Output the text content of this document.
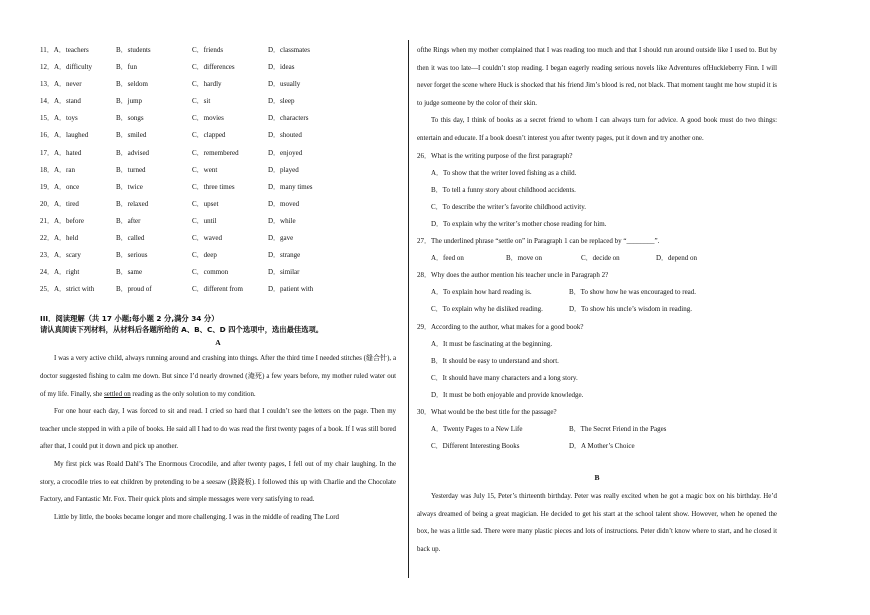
11．A．teachers	B．students	C．friends	D．classmates
12．A．difficulty	B．fun	C．differences	D．ideas
13．A．never	B．seldom	C．hardly	D．usually
14．A．stand	B．jump	C．sit	D．sleep
15．A．toys	B．songs	C．movies	D．characters
16．A．laughed	B．smiled	C．clapped	D．shouted
17．A．hated	B．advised	C．remembered	D．enjoyed
18．A．ran	B．turned	C．went	D．played
19．A．once	B．twice	C．three times	D．many times
20．A．tired	B．relaxed	C．upset	D．moved
21．A．before	B．after	C．until	D．while
22．A．held	B．called	C．waved	D．gave
23．A．scary	B．serious	C．deep	D．strange
24．A．right	B．same	C．common	D．similar
25．A．strict with	B．proud of	C．different from	D．patient with
III．阅读理解（共 17 小题;每小题 2 分,满分 34 分）
请认真阅读下列材料，从材料后各题所给的 A、B、C、D 四个选项中，选出最佳选项。
A

I was a very active child, always running around and crashing into things. After the third time I needed stitches (缝合针), a doctor suggested fishing to calm me down. But since I’d nearly drowned (淹死) a few years before, my mother ruled water out of my life. Finally, she settled on reading as the only solution to my condition.

For one hour each day, I was forced to sit and read. I cried so hard that I couldn’t see the letters on the page. Then my teacher uncle stepped in with a pile of books. He said all I had to do was read the first twenty pages of a book. If I was still bored after that, I could put it down and pick up another.

My first pick was Roald Dahl’s The Enormous Crocodile, and after twenty pages, I fell out of my chair laughing. In the story, a crocodile tries to eat children by pretending to be a seesaw (跷跷板). I followed this up with Charlie and the Chocolate Factory, and Fantastic Mr. Fox. Their quick plots and simple messages were very satisfying to read.

Little by little, the books became longer and more challenging. I was in the middle of reading The Lord

ofthe Rings when my mother complained that I was reading too much and that I should run around outside like I used to. But by then it was too late—I couldn’t stop reading. I began eagerly reading serious novels like Adventures ofHuckleberry Finn. I will never forget the scene where Huck is shocked that his friend Jim’s blood is red, not black. That moment taught me how stupid it is to judge someone by the color of their skin.

To this day, I think of books as a secret friend to whom I can always turn for advice. A good book must do two things: entertain and educate. If a book doesn’t interest you after twenty pages, put it down and try another one.

26．What is the writing purpose of the first paragraph?
A．To show that the writer loved fishing as a child.
B．To tell a funny story about childhood accidents.
C．To describe the writer’s favorite childhood activity.
D．To explain why the writer’s mother chose reading for him.
27．The underlined phrase “settle on” in Paragraph 1 can be replaced by “________”.
A．feed on	B．move on	C．decide on	D．depend on
28．Why does the author mention his teacher uncle in Paragraph 2?
A．To explain how hard reading is.	B．To show how he was encouraged to read.
C．To explain why he disliked reading.	D．To show his uncle’s wisdom in reading.
29．According to the author, what makes for a good book?
A．It must be fascinating at the beginning.
B．It should be easy to understand and short.
C．It should have many characters and a long story.
D．It must be both enjoyable and provide knowledge.
30．What would be the best title for the passage?
A．Twenty Pages to a New Life	B．The Secret Friend in the Pages
C．Different Interesting Books	D．A Mother’s Choice
B

Yesterday was July 15, Peter’s thirteenth birthday. Peter was really excited when he got a magic box on his birthday. He’d always dreamed of being a great magician. He decided to get his start at the school talent show. However, when he opened the box, he was a little sad. There were many plastic pieces and lots of instructions. Peter didn’t know where to start, and he closed it back up.
